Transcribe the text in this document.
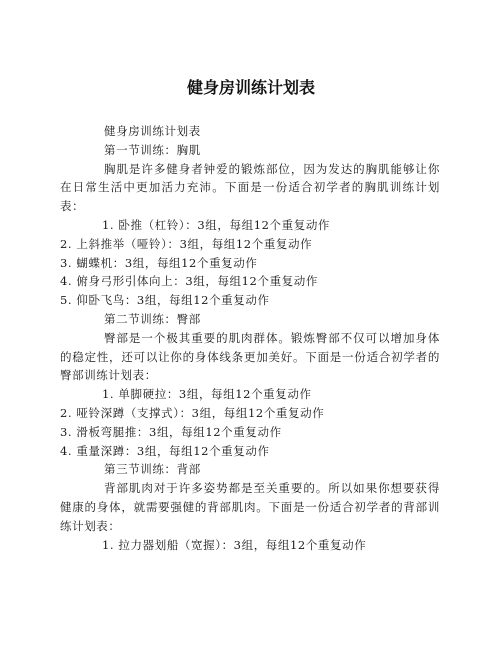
健身房训练计划表
健身房训练计划表
第一节训练：胸肌
胸肌是许多健身者钟爱的锻炼部位，因为发达的胸肌能够让你在日常生活中更加活力充沛。下面是一份适合初学者的胸肌训练计划表：
1. 卧推（杠铃）：3组，每组12个重复动作
2. 上斜推举（哑铃）：3组，每组12个重复动作
3. 蝴蝶机：3组，每组12个重复动作
4. 俯身弓形引体向上：3组，每组12个重复动作
5. 仰卧飞鸟：3组，每组12个重复动作
第二节训练：臀部
臀部是一个极其重要的肌肉群体。锻炼臀部不仅可以增加身体的稳定性，还可以让你的身体线条更加美好。下面是一份适合初学者的臀部训练计划表：
1. 单脚硬拉：3组，每组12个重复动作
2. 哑铃深蹲（支撑式）：3组，每组12个重复动作
3. 滑板弯腿推：3组，每组12个重复动作
4. 重量深蹲：3组，每组12个重复动作
第三节训练：背部
背部肌肉对于许多姿势都是至关重要的。所以如果你想要获得健康的身体，就需要强健的背部肌肉。下面是一份适合初学者的背部训练计划表：
1. 拉力器划船（宽握）：3组，每组12个重复动作
